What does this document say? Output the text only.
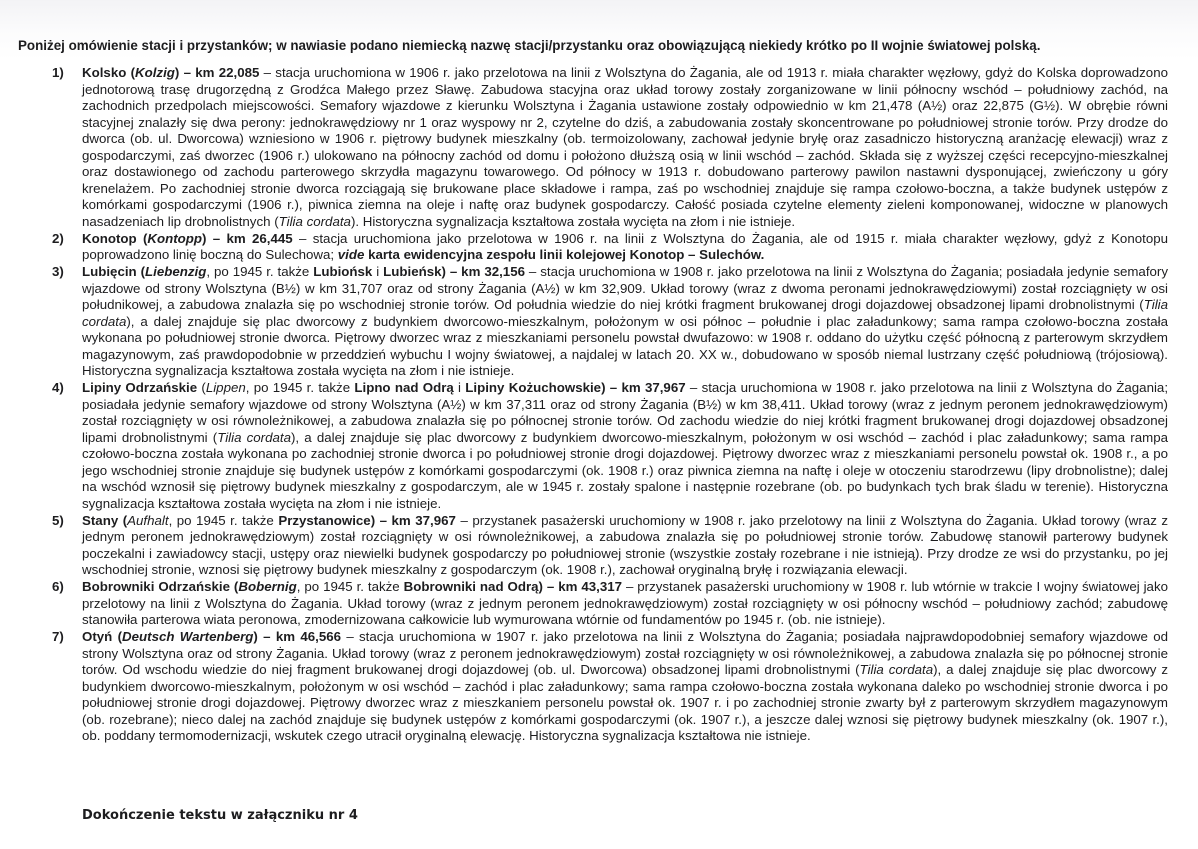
Poniżej omówienie stacji i przystanków; w nawiasie podano niemiecką nazwę stacji/przystanku oraz obowiązującą niekiedy krótko po II wojnie światowej polską.
1) Kolsko (Kolzig) – km 22,085 – stacja uruchomiona w 1906 r. jako przelotowa na linii z Wolsztyna do Żagania, ale od 1913 r. miała charakter węzłowy, gdyż do Kolska doprowadzono jednotorową trasę drugorzędną z Grodźca Małego przez Sławę. Zabudowa stacyjna oraz układ torowy zostały zorganizowane w linii północny wschód – południowy zachód, na zachodnich przedpolach miejscowości. Semafory wjazdowe z kierunku Wolsztyna i Żagania ustawione zostały odpowiednio w km 21,478 (A½) oraz 22,875 (G½). W obrębie równi stacyjnej znalazły się dwa perony: jednokrawędziowy nr 1 oraz wyspowy nr 2, czytelne do dziś, a zabudowania zostały skoncentrowane po południowej stronie torów. Przy drodze do dworca (ob. ul. Dworcowa) wzniesiono w 1906 r. piętrowy budynek mieszkalny (ob. termoizolowany, zachował jedynie bryłę oraz zasadniczo historyczną aranżację elewacji) wraz z gospodarczymi, zaś dworzec (1906 r.) ulokowano na północny zachód od domu i położono dłuższą osią w linii wschód – zachód. Składa się z wyższej części recepcyjno-mieszkalnej oraz dostawionego od zachodu parterowego skrzydła magazynu towarowego. Od północy w 1913 r. dobudowano parterowy pawilon nastawni dysponującej, zwieńczony u góry krenelażem. Po zachodniej stronie dworca rozciągają się brukowane place składowe i rampa, zaś po wschodniej znajduje się rampa czołowo-boczna, a także budynek ustępów z komórkami gospodarczymi (1906 r.), piwnica ziemna na oleje i naftę oraz budynek gospodarczy. Całość posiada czytelne elementy zieleni komponowanej, widoczne w planowych nasadzeniach lip drobnolistnych (Tilia cordata). Historyczna sygnalizacja kształtowa została wycięta na złom i nie istnieje.
2) Konotop (Kontopp) – km 26,445 – stacja uruchomiona jako przelotowa w 1906 r. na linii z Wolsztyna do Żagania, ale od 1915 r. miała charakter węzłowy, gdyż z Konotopu poprowadzono linię boczną do Sulechowa; vide karta ewidencyjna zespołu linii kolejowej Konotop – Sulechów.
3) Lubięcin (Liebenzig, po 1945 r. także Lubiońsk i Lubieńsk) – km 32,156 – stacja uruchomiona w 1908 r. jako przelotowa na linii z Wolsztyna do Żagania; posiadała jedynie semafory wjazdowe od strony Wolsztyna (B½) w km 31,707 oraz od strony Żagania (A½) w km 32,909. Układ torowy (wraz z dwoma peronami jednokrawędziowymi) został rozciągnięty w osi południkowej, a zabudowa znalazła się po wschodniej stronie torów. Od południa wiedzie do niej krótki fragment brukowanej drogi dojazdowej obsadzonej lipami drobnolistnymi (Tilia cordata), a dalej znajduje się plac dworcowy z budynkiem dworcowo-mieszkalnym, położonym w osi północ – południe i plac załadunkowy; sama rampa czołowo-boczna została wykonana po południowej stronie dworca. Piętrowy dworzec wraz z mieszkaniami personelu powstał dwufazowo: w 1908 r. oddano do użytku część północną z parterowym skrzydłem magazynowym, zaś prawdopodobnie w przeddzień wybuchu I wojny światowej, a najdalej w latach 20. XX w., dobudowano w sposób niemal lustrzany część południową (trójosiową). Historyczna sygnalizacja kształtowa została wycięta na złom i nie istnieje.
4) Lipiny Odrzańskie (Lippen, po 1945 r. także Lipno nad Odrą i Lipiny Kożuchowskie) – km 37,967 – stacja uruchomiona w 1908 r. jako przelotowa na linii z Wolsztyna do Żagania; posiadała jedynie semafory wjazdowe od strony Wolsztyna (A½) w km 37,311 oraz od strony Żagania (B½) w km 38,411. Układ torowy (wraz z jednym peronem jednokrawędziowym) został rozciągnięty w osi równoleżnikowej, a zabudowa znalazła się po północnej stronie torów. Od zachodu wiedzie do niej krótki fragment brukowanej drogi dojazdowej obsadzonej lipami drobnolistnymi (Tilia cordata), a dalej znajduje się plac dworcowy z budynkiem dworcowo-mieszkalnym, położonym w osi wschód – zachód i plac załadunkowy; sama rampa czołowo-boczna została wykonana po zachodniej stronie dworca i po południowej stronie drogi dojazdowej. Piętrowy dworzec wraz z mieszkaniami personelu powstał ok. 1908 r., a po jego wschodniej stronie znajduje się budynek ustępów z komórkami gospodarczymi (ok. 1908 r.) oraz piwnica ziemna na naftę i oleje w otoczeniu starodrzewu (lipy drobnolistne); dalej na wschód wznosił się piętrowy budynek mieszkalny z gospodarczym, ale w 1945 r. zostały spalone i następnie rozebrane (ob. po budynkach tych brak śladu w terenie). Historyczna sygnalizacja kształtowa została wycięta na złom i nie istnieje.
5) Stany (Aufhalt, po 1945 r. także Przystanowice) – km 37,967 – przystanek pasażerski uruchomiony w 1908 r. jako przelotowy na linii z Wolsztyna do Żagania. Układ torowy (wraz z jednym peronem jednokrawędziowym) został rozciągnięty w osi równoleżnikowej, a zabudowa znalazła się po południowej stronie torów. Zabudowę stanowił parterowy budynek poczekalni i zawiadowcy stacji, ustępy oraz niewielki budynek gospodarczy po południowej stronie (wszystkie zostały rozebrane i nie istnieją). Przy drodze ze wsi do przystanku, po jej wschodniej stronie, wznosi się piętrowy budynek mieszkalny z gospodarczym (ok. 1908 r.), zachował oryginalną bryłę i rozwiązania elewacji.
6) Bobrowniki Odrzańskie (Bobernig, po 1945 r. także Bobrowniki nad Odrą) – km 43,317 – przystanek pasażerski uruchomiony w 1908 r. lub wtórnie w trakcie I wojny światowej jako przelotowy na linii z Wolsztyna do Żagania. Układ torowy (wraz z jednym peronem jednokrawędziowym) został rozciągnięty w osi północny wschód – południowy zachód; zabudowę stanowiła parterowa wiata peronowa, zmodernizowana całkowicie lub wymurowana wtórnie od fundamentów po 1945 r. (ob. nie istnieje).
7) Otyń (Deutsch Wartenberg) – km 46,566 – stacja uruchomiona w 1907 r. jako przelotowa na linii z Wolsztyna do Żagania; posiadała najprawdopodobniej semafory wjazdowe od strony Wolsztyna oraz od strony Żagania. Układ torowy (wraz z peronem jednokrawędziowym) został rozciągnięty w osi równoleżnikowej, a zabudowa znalazła się po północnej stronie torów. Od wschodu wiedzie do niej fragment brukowanej drogi dojazdowej (ob. ul. Dworcowa) obsadzonej lipami drobnolistnymi (Tilia cordata), a dalej znajduje się plac dworcowy z budynkiem dworcowo-mieszkalnym, położonym w osi wschód – zachód i plac załadunkowy; sama rampa czołowo-boczna została wykonana daleko po wschodniej stronie dworca i po południowej stronie drogi dojazdowej. Piętrowy dworzec wraz z mieszkaniem personelu powstał ok. 1907 r. i po zachodniej stronie zwarty był z parterowym skrzydłem magazynowym (ob. rozebrane); nieco dalej na zachód znajduje się budynek ustępów z komórkami gospodarczymi (ok. 1907 r.), a jeszcze dalej wznosi się piętrowy budynek mieszkalny (ok. 1907 r.), ob. poddany termomodernizacji, wskutek czego utracił oryginalną elewację. Historyczna sygnalizacja kształtowa nie istnieje.
Dokończenie tekstu w załączniku nr 4
